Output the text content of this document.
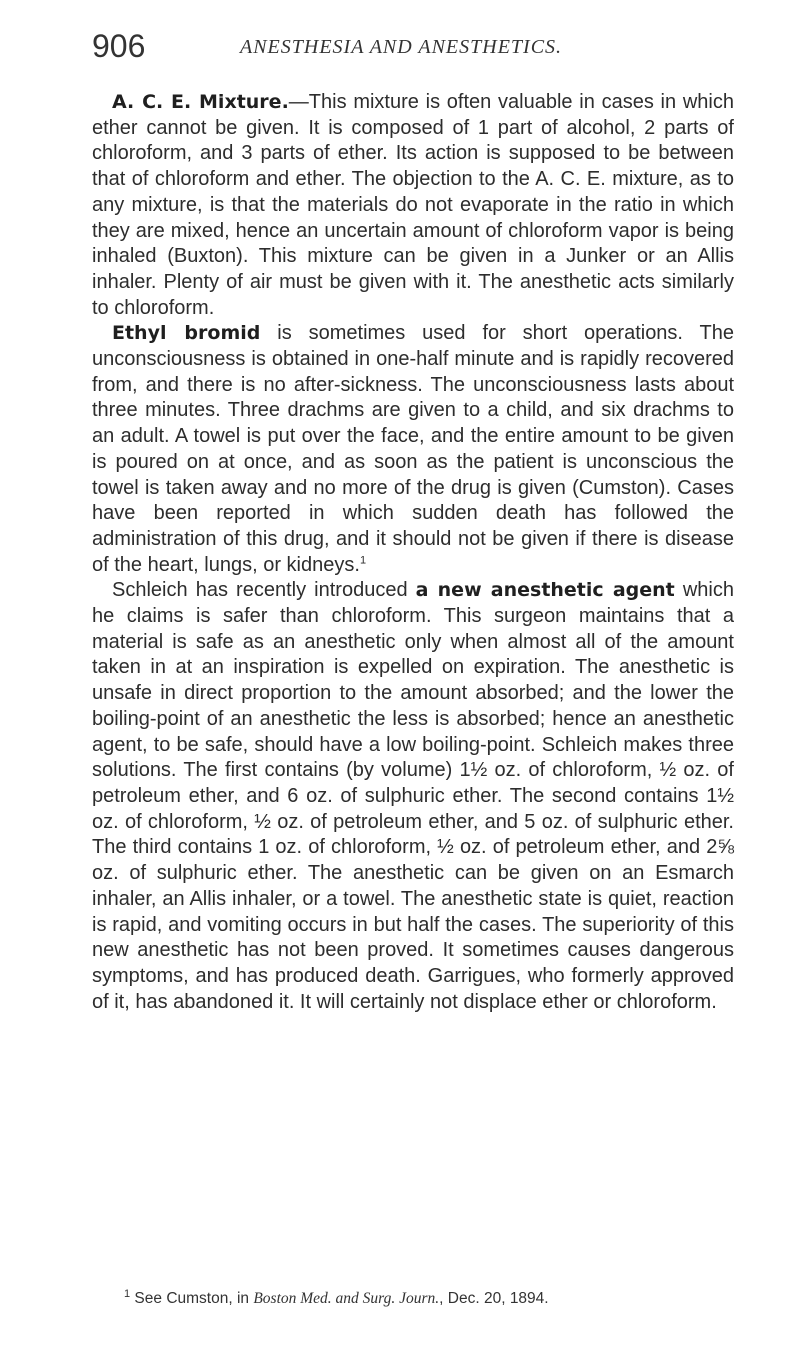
906	ANESTHESIA AND ANESTHETICS.

A. C. E. Mixture.—This mixture is often valuable in cases in which ether cannot be given. It is composed of 1 part of alcohol, 2 parts of chloroform, and 3 parts of ether. Its action is supposed to be between that of chloroform and ether. The objection to the A. C. E. mixture, as to any mixture, is that the materials do not evaporate in the ratio in which they are mixed, hence an uncertain amount of chloroform vapor is being inhaled (Buxton). This mixture can be given in a Junker or an Allis inhaler. Plenty of air must be given with it. The anesthetic acts similarly to chloroform.

Ethyl bromid is sometimes used for short operations. The unconsciousness is obtained in one-half minute and is rapidly recovered from, and there is no after-sickness. The unconsciousness lasts about three minutes. Three drachms are given to a child, and six drachms to an adult. A towel is put over the face, and the entire amount to be given is poured on at once, and as soon as the patient is unconscious the towel is taken away and no more of the drug is given (Cumston). Cases have been reported in which sudden death has followed the administration of this drug, and it should not be given if there is disease of the heart, lungs, or kidneys.$^1$

Schleich has recently introduced a new anesthetic agent which he claims is safer than chloroform. This surgeon maintains that a material is safe as an anesthetic only when almost all of the amount taken in at an inspiration is expelled on expiration. The anesthetic is unsafe in direct proportion to the amount absorbed; and the lower the boiling-point of an anesthetic the less is absorbed; hence an anesthetic agent, to be safe, should have a low boiling-point. Schleich makes three solutions. The first contains (by volume) 1½ oz. of chloroform, ½ oz. of petroleum ether, and 6 oz. of sulphuric ether. The second contains 1½ oz. of chloroform, ½ oz. of petroleum ether, and 5 oz. of sulphuric ether. The third contains 1 oz. of chloroform, ½ oz. of petroleum ether, and 2⅝ oz. of sulphuric ether. The anesthetic can be given on an Esmarch inhaler, an Allis inhaler, or a towel. The anesthetic state is quiet, reaction is rapid, and vomiting occurs in but half the cases. The superiority of this new anesthetic has not been proved. It sometimes causes dangerous symptoms, and has produced death. Garrigues, who formerly approved of it, has abandoned it. It will certainly not displace ether or chloroform.

$^1$ See Cumston, in Boston Med. and Surg. Journ., Dec. 20, 1894.
